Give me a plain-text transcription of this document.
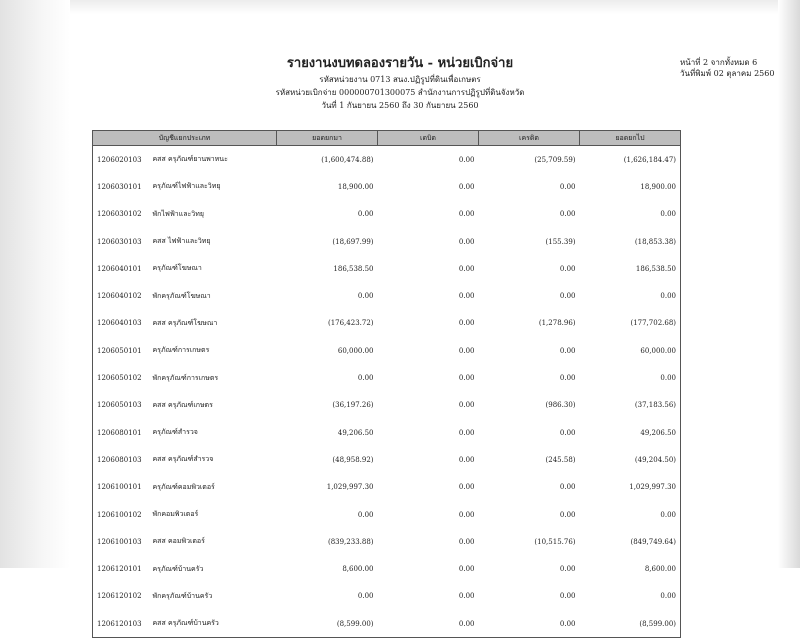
รายงานงบทดลองรายวัน - หน่วยเบิกจ่าย
รหัสหน่วยงาน 0713 สนง.ปฏิรูปที่ดินเพื่อเกษตร
รหัสหน่วยเบิกจ่าย 000000701300075 สำนักงานการปฏิรูปที่ดินจังหวัด
วันที่ 1 กันยายน 2560 ถึง 30 กันยายน 2560
หน้าที่ 2 จากทั้งหมด 6
วันที่พิมพ์ 02 ตุลาคม 2560
บัญชีแยกประเภท		ยอดยกมา	เดบิต	เครดิต	ยอดยกไป
1206020103	คสส ครุภัณฑ์ยานพาหนะ	(1,600,474.88)	0.00	(25,709.59)	(1,626,184.47)
1206030101	ครุภัณฑ์ไฟฟ้าและวิทยุ	18,900.00	0.00	0.00	18,900.00
1206030102	พักไฟฟ้าและวิทยุ	0.00	0.00	0.00	0.00
1206030103	คสส ไฟฟ้าและวิทยุ	(18,697.99)	0.00	(155.39)	(18,853.38)
1206040101	ครุภัณฑ์โฆษณา	186,538.50	0.00	0.00	186,538.50
1206040102	พักครุภัณฑ์โฆษณา	0.00	0.00	0.00	0.00
1206040103	คสส ครุภัณฑ์โฆษณา	(176,423.72)	0.00	(1,278.96)	(177,702.68)
1206050101	ครุภัณฑ์การเกษตร	60,000.00	0.00	0.00	60,000.00
1206050102	พักครุภัณฑ์การเกษตร	0.00	0.00	0.00	0.00
1206050103	คสส ครุภัณฑ์เกษตร	(36,197.26)	0.00	(986.30)	(37,183.56)
1206080101	ครุภัณฑ์สำรวจ	49,206.50	0.00	0.00	49,206.50
1206080103	คสส ครุภัณฑ์สำรวจ	(48,958.92)	0.00	(245.58)	(49,204.50)
1206100101	ครุภัณฑ์คอมพิวเตอร์	1,029,997.30	0.00	0.00	1,029,997.30
1206100102	พักคอมพิวเตอร์	0.00	0.00	0.00	0.00
1206100103	คสส คอมพิวเตอร์	(839,233.88)	0.00	(10,515.76)	(849,749.64)
1206120101	ครุภัณฑ์บ้านครัว	8,600.00	0.00	0.00	8,600.00
1206120102	พักครุภัณฑ์บ้านครัว	0.00	0.00	0.00	0.00
1206120103	คสส ครุภัณฑ์บ้านครัว	(8,599.00)	0.00	0.00	(8,599.00)
